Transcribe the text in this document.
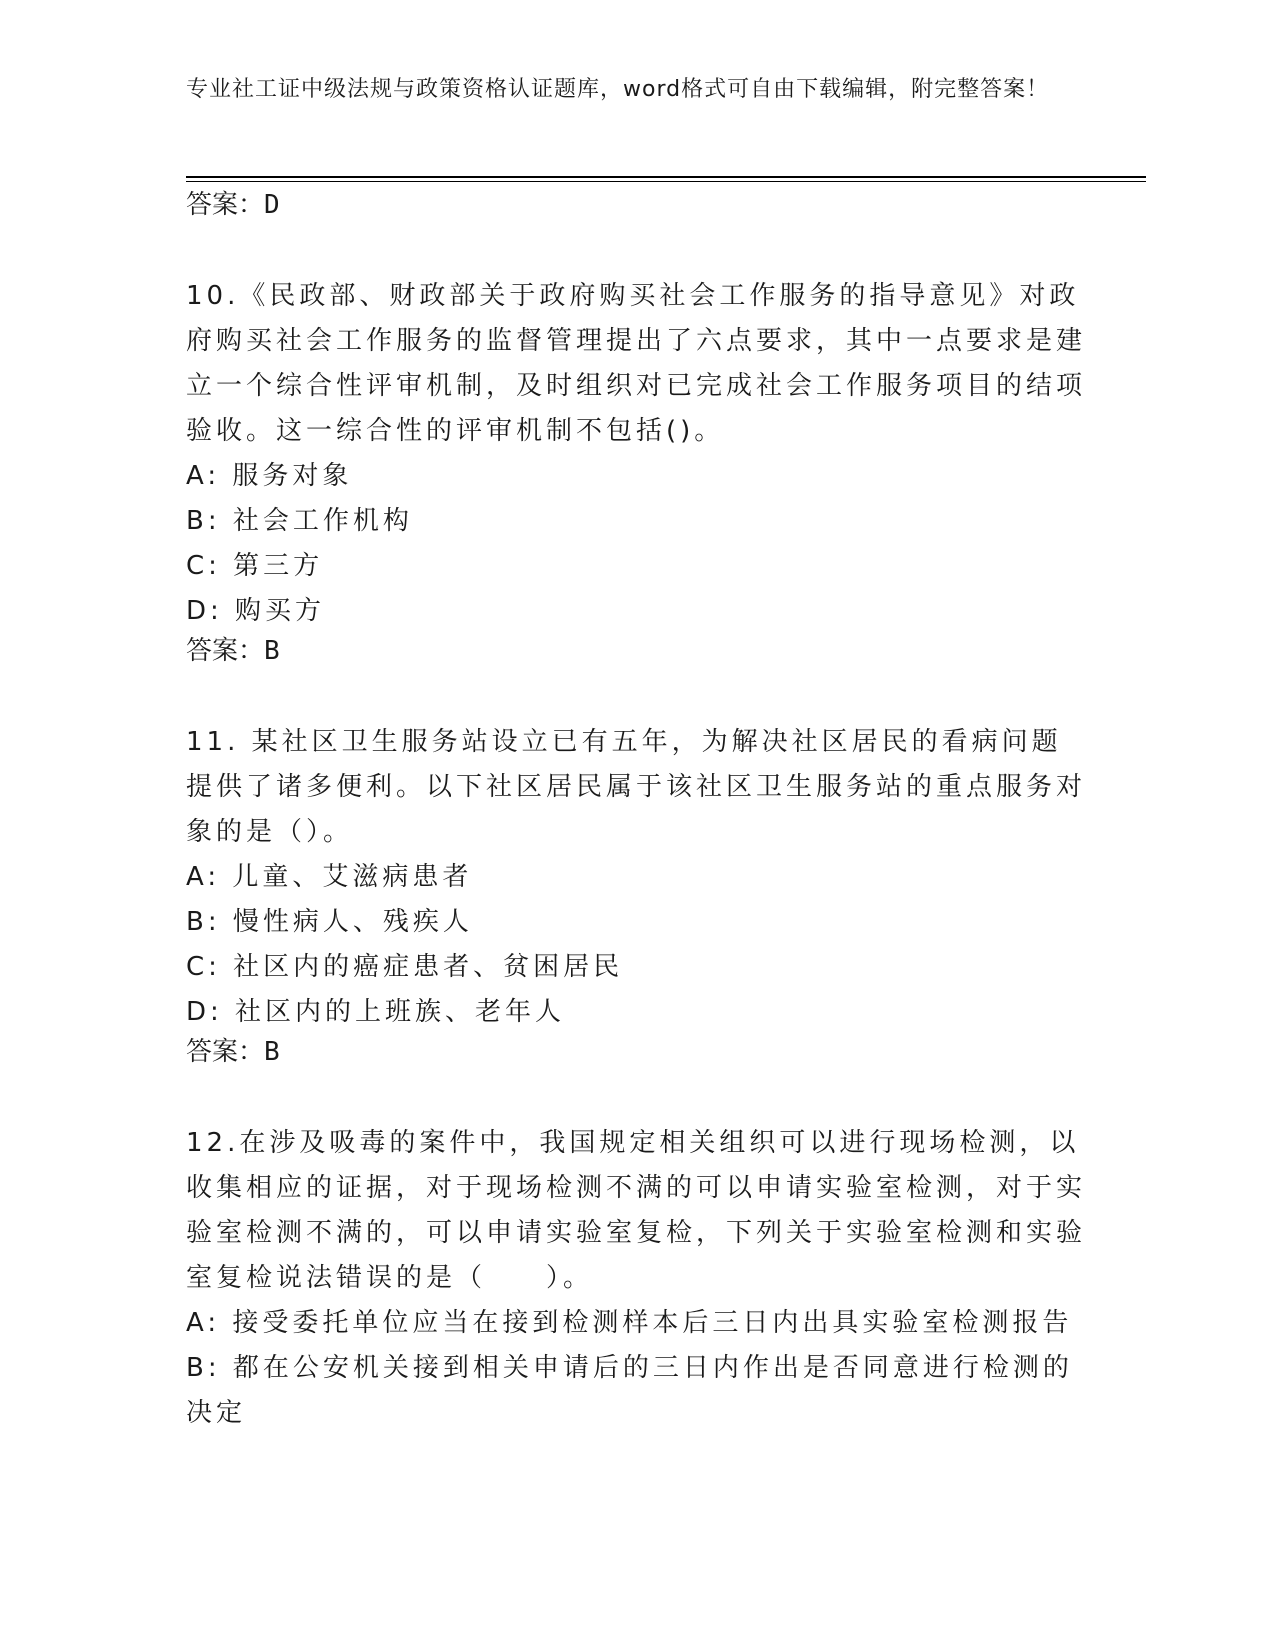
专业社工证中级法规与政策资格认证题库，word格式可自由下载编辑，附完整答案！

答案：D

10.《民政部、财政部关于政府购买社会工作服务的指导意见》对政府购买社会工作服务的监督管理提出了六点要求，其中一点要求是建立一个综合性评审机制，及时组织对已完成社会工作服务项目的结项验收。这一综合性的评审机制不包括()。

A: 服务对象

B: 社会工作机构

C: 第三方

D: 购买方

答案：B

11. 某社区卫生服务站设立已有五年，为解决社区居民的看病问题提供了诸多便利。以下社区居民属于该社区卫生服务站的重点服务对象的是（）。

A: 儿童、艾滋病患者

B: 慢性病人、残疾人

C: 社区内的癌症患者、贫困居民

D: 社区内的上班族、老年人

答案：B

12.在涉及吸毒的案件中，我国规定相关组织可以进行现场检测，以收集相应的证据，对于现场检测不满的可以申请实验室检测，对于实验室检测不满的，可以申请实验室复检，下列关于实验室检测和实验室复检说法错误的是（　　）。

A: 接受委托单位应当在接到检测样本后三日内出具实验室检测报告

B: 都在公安机关接到相关申请后的三日内作出是否同意进行检测的决定
